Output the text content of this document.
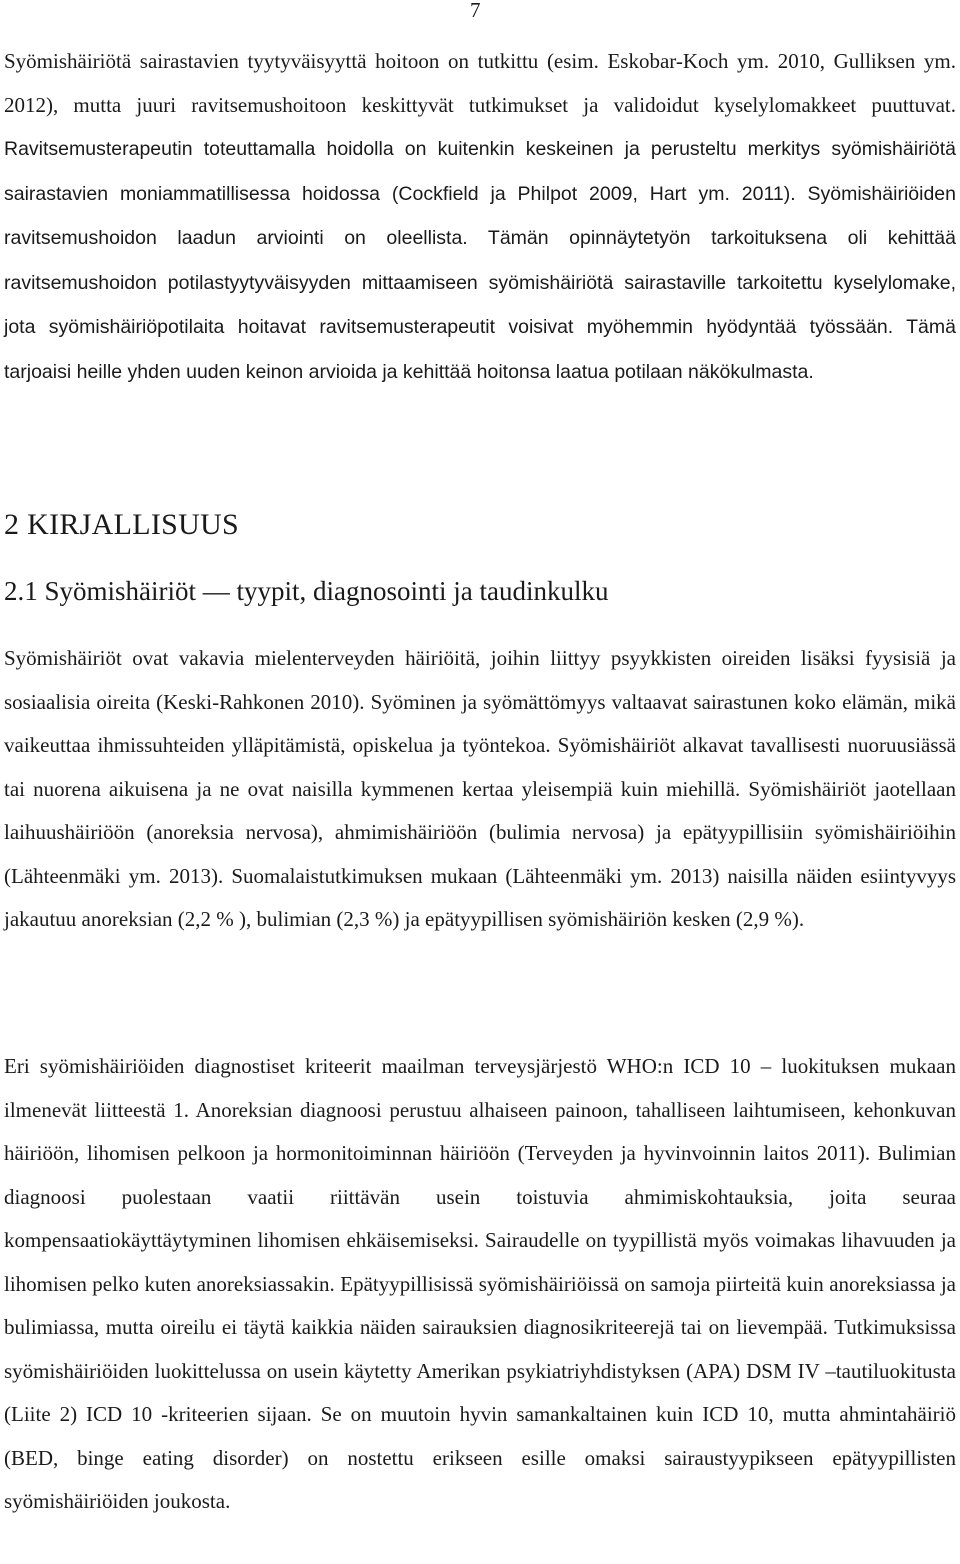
7

Syömishäiriötä sairastavien tyytyväisyyttä hoitoon on tutkittu (esim. Eskobar-Koch ym. 2010, Gulliksen ym. 2012), mutta juuri ravitsemushoitoon keskittyvät tutkimukset ja validoidut kyselylomakkeet puuttuvat. Ravitsemusterapeutin toteuttamalla hoidolla on kuitenkin keskeinen ja perusteltu merkitys syömishäiriötä sairastavien moniammatillisessa hoidossa (Cockfield ja Philpot 2009, Hart ym. 2011). Syömishäiriöiden ravitsemushoidon laadun arviointi on oleellista. Tämän opinnäytetyön tarkoituksena oli kehittää ravitsemushoidon potilastyytyväisyyden mittaamiseen syömishäiriötä sairastaville tarkoitettu kyselylomake, jota syömishäiriöpotilaita hoitavat ravitsemusterapeutit voisivat myöhemmin hyödyntää työssään. Tämä tarjoaisi heille yhden uuden keinon arvioida ja kehittää hoitonsa laatua potilaan näkökulmasta.

2 KIRJALLISUUS
2.1 Syömishäiriöt — tyypit, diagnosointi ja taudinkulku

Syömishäiriöt ovat vakavia mielenterveyden häiriöitä, joihin liittyy psyykkisten oireiden lisäksi fyysisiä ja sosiaalisia oireita (Keski-Rahkonen 2010). Syöminen ja syömättömyys valtaavat sairastunen koko elämän, mikä vaikeuttaa ihmissuhteiden ylläpitämistä, opiskelua ja työntekoa. Syömishäiriöt alkavat tavallisesti nuoruusiässä tai nuorena aikuisena ja ne ovat naisilla kymmenen kertaa yleisempiä kuin miehillä. Syömishäiriöt jaotellaan laihuushäiriöön (anoreksia nervosa), ahmimishäiriöön (bulimia nervosa) ja epätyypillisiin syömishäiriöihin (Lähteenmäki ym. 2013). Suomalaistutkimuksen mukaan (Lähteenmäki ym. 2013) naisilla näiden esiintyvyys jakautuu anoreksian (2,2 % ), bulimian (2,3 %) ja epätyypillisen syömishäiriön kesken (2,9 %).

Eri syömishäiriöiden diagnostiset kriteerit maailman terveysjärjestö WHO:n ICD 10 – luokituksen mukaan ilmenevät liitteestä 1. Anoreksian diagnoosi perustuu alhaiseen painoon, tahalliseen laihtumiseen, kehonkuvan häiriöön, lihomisen pelkoon ja hormonitoiminnan häiriöön (Terveyden ja hyvinvoinnin laitos 2011). Bulimian diagnoosi puolestaan vaatii riittävän usein toistuvia ahmimiskohtauksia, joita seuraa kompensaatiokäyttäytyminen lihomisen ehkäisemiseksi. Sairaudelle on tyypillistä myös voimakas lihavuuden ja lihomisen pelko kuten anoreksiassakin. Epätyypillisissä syömishäiriöissä on samoja piirteitä kuin anoreksiassa ja bulimiassa, mutta oireilu ei täytä kaikkia näiden sairauksien diagnosikriteerejä tai on lievempää. Tutkimuksissa syömishäiriöiden luokittelussa on usein käytetty Amerikan psykiatriyhdistyksen (APA) DSM IV –tautiluokitusta (Liite 2) ICD 10 -kriteerien sijaan. Se on muutoin hyvin samankaltainen kuin ICD 10, mutta ahmintahäiriö (BED, binge eating disorder) on nostettu erikseen esille omaksi sairaustyypikseen epätyypillisten syömishäiriöiden joukosta.
